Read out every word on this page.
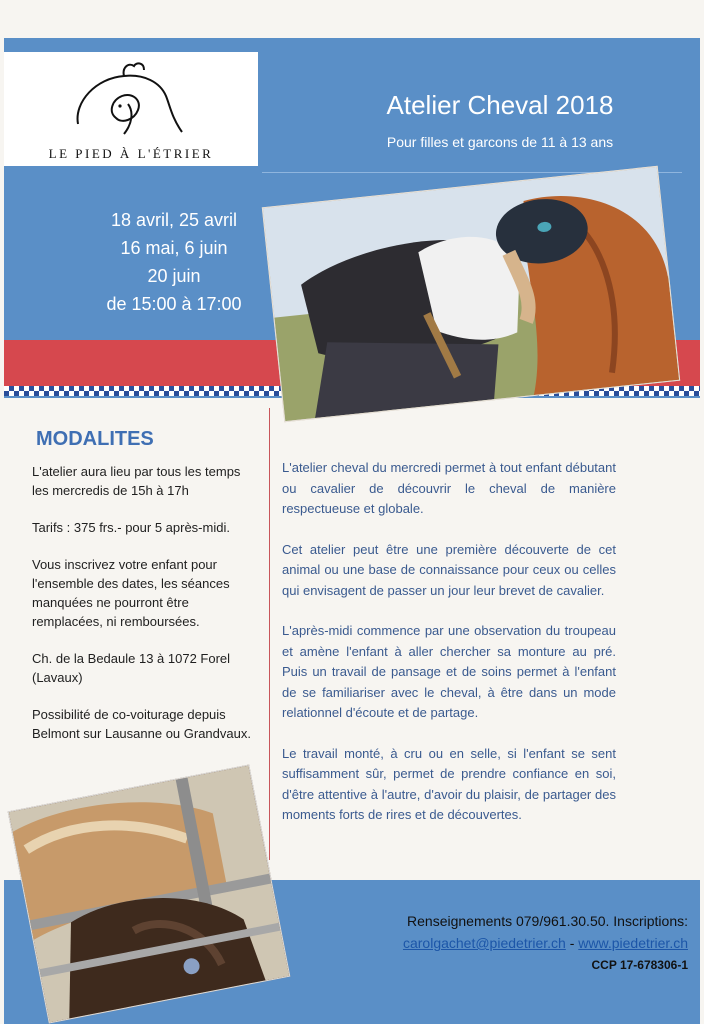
LE PIED À L'ÉTRIER
Atelier Cheval 2018
Pour filles et garcons de 11 à 13 ans
18 avril, 25 avril
16 mai, 6 juin
20 juin
de 15:00 à 17:00
MODALITES

L'atelier aura lieu par tous les temps les mercredis de 15h à 17h

Tarifs : 375 frs.- pour 5 après-midi.

Vous inscrivez votre enfant pour l'ensemble des dates, les séances manquées ne pourront être remplacées, ni remboursées.

Ch. de la Bedaule 13 à 1072 Forel (Lavaux)

Possibilité de co-voiturage depuis Belmont sur Lausanne ou Grandvaux.

L'atelier cheval du mercredi permet à tout enfant débutant ou cavalier de découvrir le cheval de manière respectueuse et globale.

Cet atelier peut être une première découverte de cet animal ou une base de connaissance pour ceux ou celles qui envisagent de passer un jour leur brevet de cavalier.

L'après-midi commence par une observation du troupeau et amène l'enfant à aller chercher sa monture au pré. Puis un travail de pansage et de soins permet à l'enfant de se familiariser avec le cheval, à être dans un mode relationnel d'écoute et de partage.

Le travail monté, à cru ou en selle, si l'enfant se sent suffisamment sûr, permet de prendre confiance en soi, d'être attentive à l'autre, d'avoir du plaisir, de partager des moments forts de rires et de découvertes.

Renseignements 079/961.30.50. Inscriptions:
carolgachet@piedetrier.ch - www.piedetrier.ch
CCP 17-678306-1
